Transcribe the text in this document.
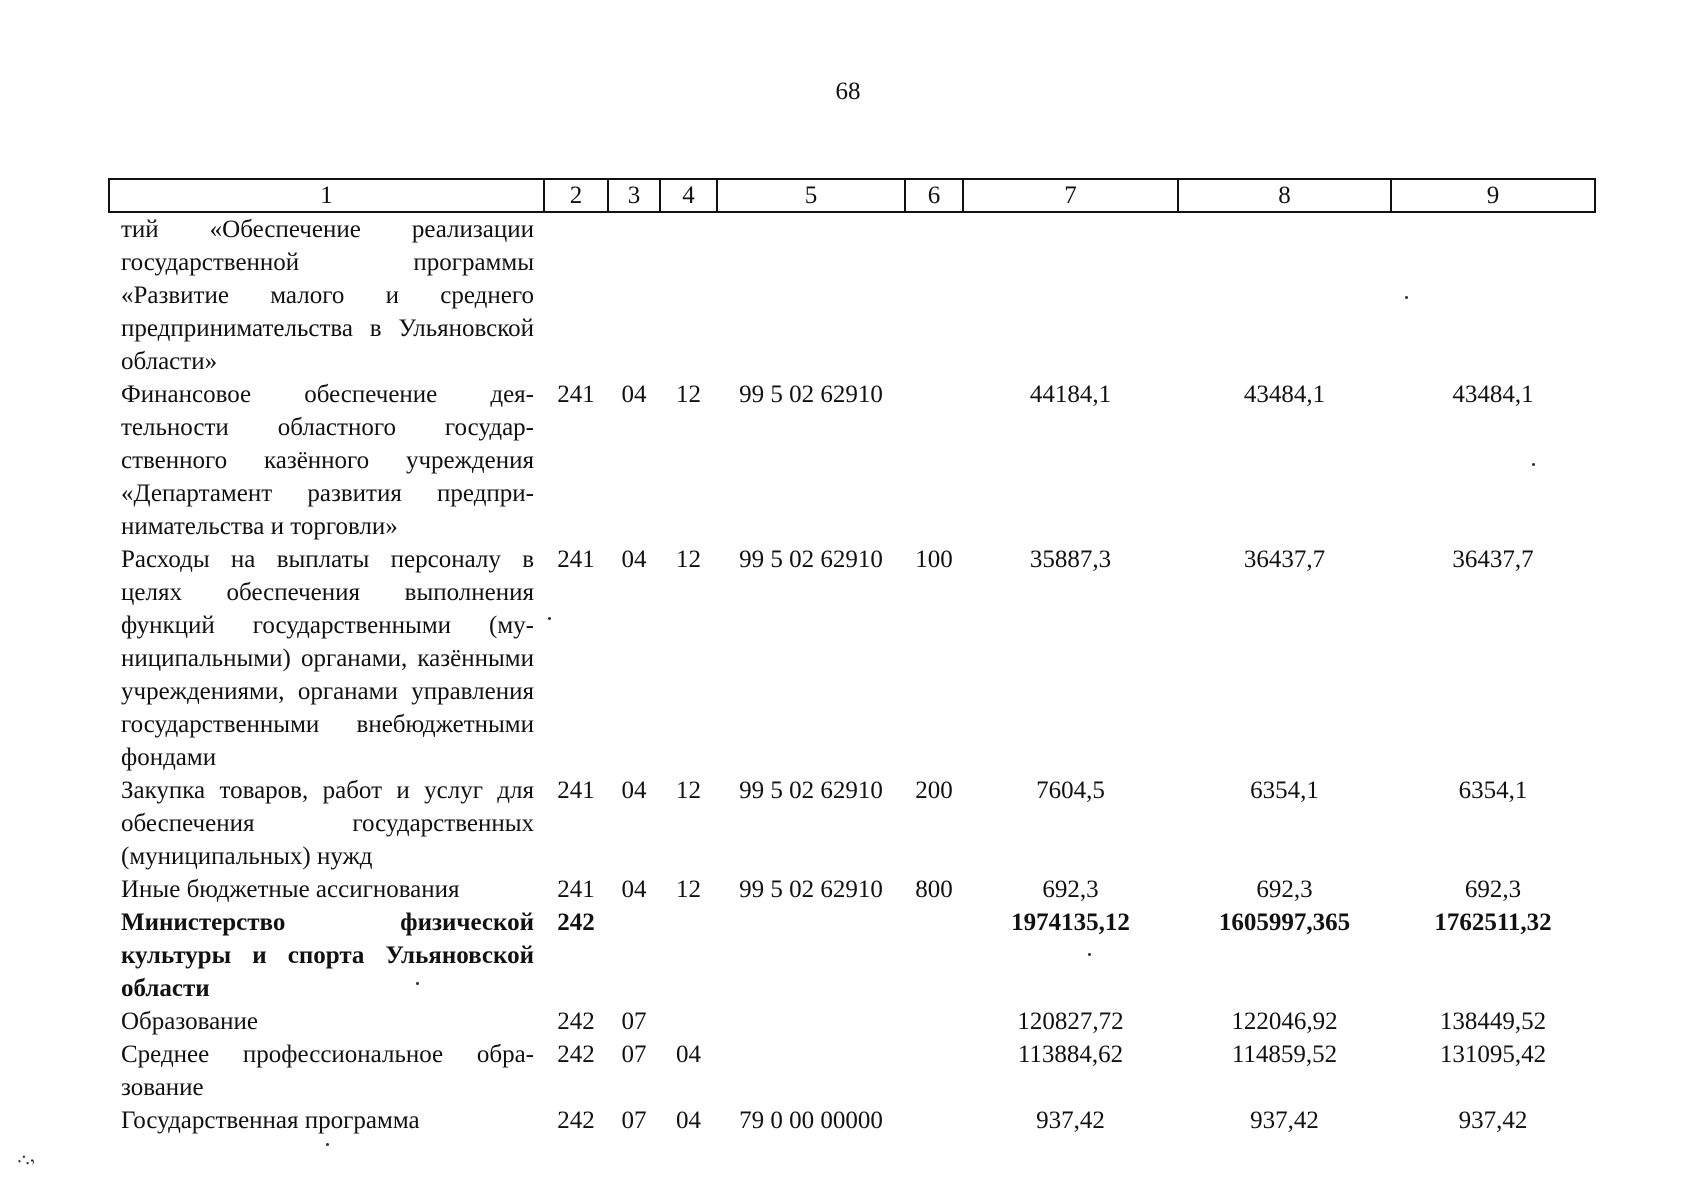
68
1	2	3	4	5	6	7	8	9
тий «Обеспечение реализации государственной программы «Развитие малого и среднего предпринимательства в Ульяновской области»								
Финансовое обеспечение деятельности областного государственного казённого учреждения «Департамент развития предпринимательства и торговли»	241	04	12	99 5 02 62910		44184,1	43484,1	43484,1
Расходы на выплаты персоналу в целях обеспечения выполнения функций государственными (муниципальными) органами, казёнными учреждениями, органами управления государственными внебюджетными фондами	241	04	12	99 5 02 62910	100	35887,3	36437,7	36437,7
Закупка товаров, работ и услуг для обеспечения государственных (муниципальных) нужд	241	04	12	99 5 02 62910	200	7604,5	6354,1	6354,1
Иные бюджетные ассигнования	241	04	12	99 5 02 62910	800	692,3	692,3	692,3
Министерство физической культуры и спорта Ульяновской области	242					1974135,12	1605997,365	1762511,32
Образование	242	07				120827,72	122046,92	138449,52
Среднее профессиональное образование	242	07	04			113884,62	114859,52	131095,42
Государственная программа	242	07	04	79 0 00 00000		937,42	937,42	937,42
·:,
